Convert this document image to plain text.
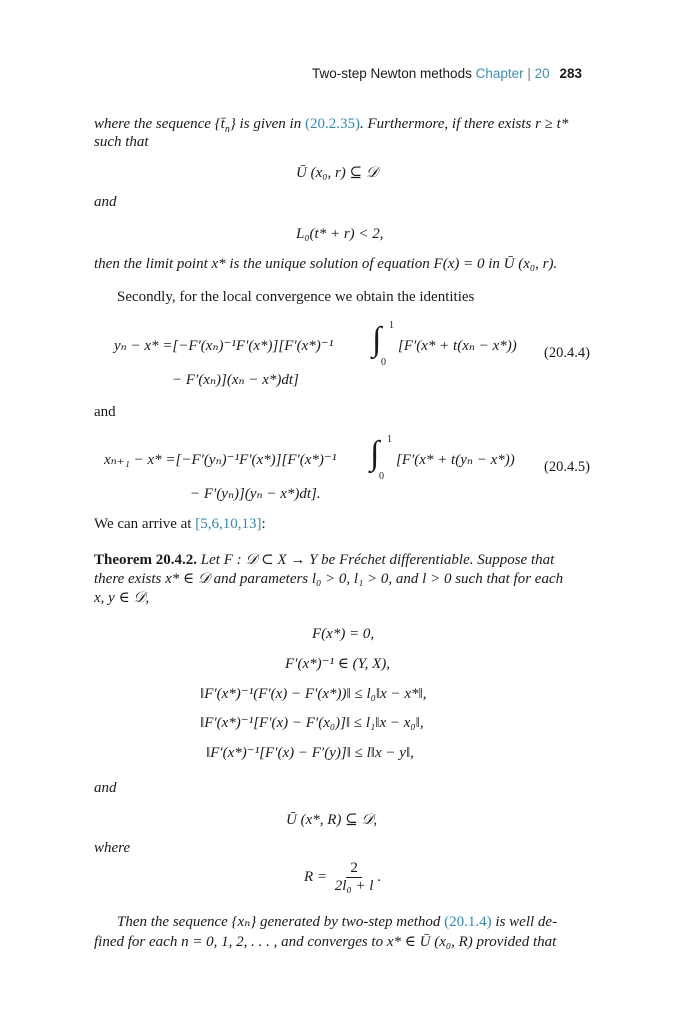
Two-step Newton methods Chapter | 20 283
where the sequence $\{t̄_n\}$ is given in (20.2.35). Furthermore, if there exists r ≥ t*
such that
Ū (x₀, r) ⊆ 𝒟
and
L₀(t* + r) < 2,
then the limit point x* is the unique solution of equation F(x) = 0 in Ū (x₀, r).
Secondly, for the local convergence we obtain the identities
yₙ − x* =[−F′(xₙ)⁻¹F′(x*)][F′(x*)⁻¹ ∫ 1
0
[F′(x* + t(xₙ − x*)) (20.4.4)
− F′(xₙ)](xₙ − x*)dt]
and
xₙ₊₁ − x* =[−F′(yₙ)⁻¹F′(x*)][F′(x*)⁻¹ ∫ 1
0
[F′(x* + t(yₙ − x*)) (20.4.5)
− F′(yₙ)](yₙ − x*)dt].
We can arrive at [5,6,10,13]:
Theorem 20.4.2. Let F : 𝒟 ⊂ X → Y be Fréchet differentiable. Suppose that
there exists x* ∈ 𝒟 and parameters l₀ > 0, l₁ > 0, and l > 0 such that for each
x, y ∈ 𝒟,
F(x*) = 0,
F′(x*)⁻¹ ∈ (Y, X),
‖F′(x*)⁻¹(F′(x) − F′(x*))‖ ≤ l₀‖x − x*‖,
‖F′(x*)⁻¹[F′(x) − F′(x₀)]‖ ≤ l₁‖x − x₀‖,
‖F′(x*)⁻¹[F′(x) − F′(y)]‖ ≤ l‖x − y‖,
and
Ū (x*, R) ⊆ 𝒟,
where
$R = \frac{2}{\text{2l₀ + l}}$ .
Then the sequence {xₙ} generated by two-step method (20.1.4) is well de-
fined for each n = 0, 1, 2, . . . , and converges to x* ∈ Ū (x₀, R) provided that
